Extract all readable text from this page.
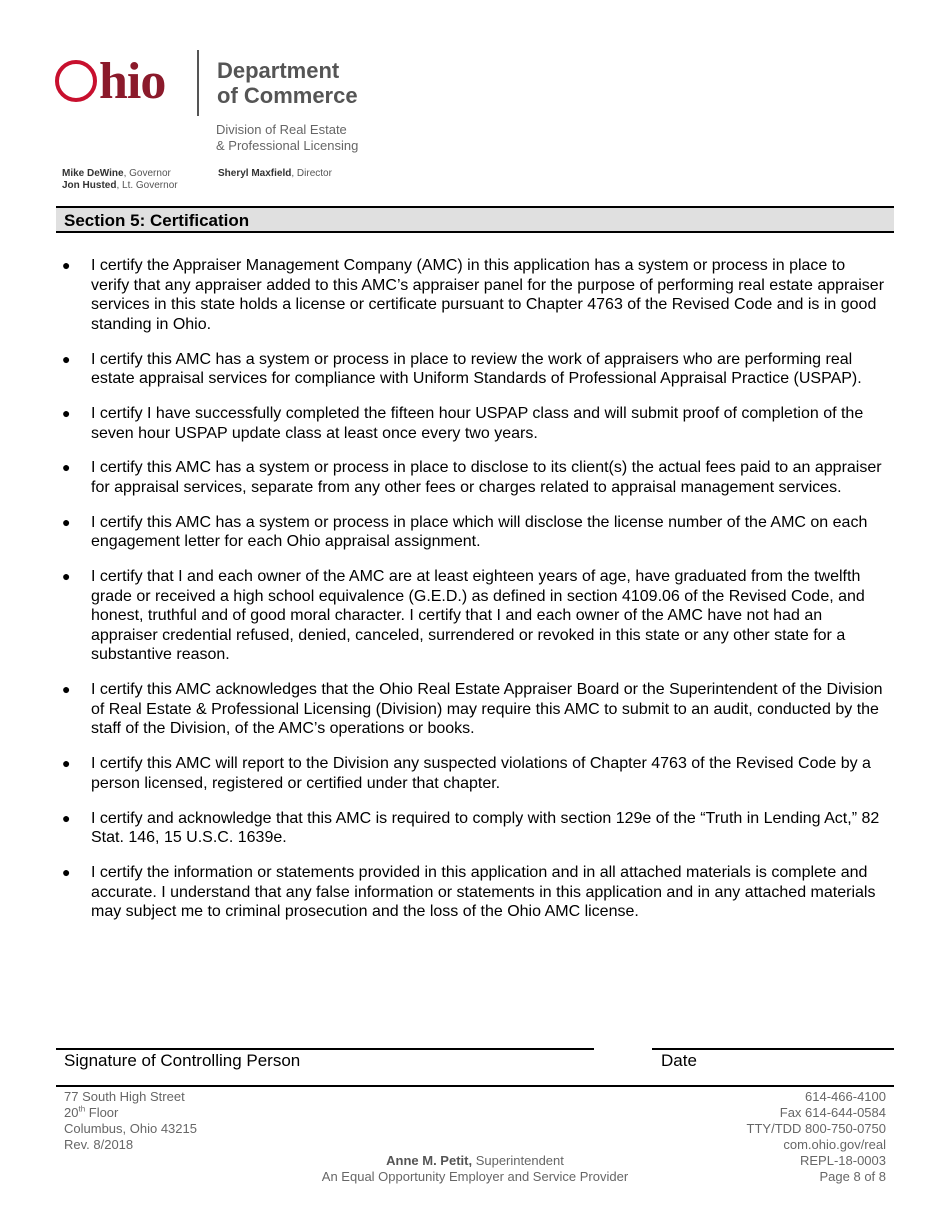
hio Department
of Commerce
Division of Real Estate
& Professional Licensing
Mike DeWine, Governor
Jon Husted, Lt. Governor
Sheryl Maxfield, Director
Section 5: Certification
● I certify the Appraiser Management Company (AMC) in this application has a system or process in place to verify that any appraiser added to this AMC’s appraiser panel for the purpose of performing real estate appraiser services in this state holds a license or certificate pursuant to Chapter 4763 of the Revised Code and is in good standing in Ohio.
● I certify this AMC has a system or process in place to review the work of appraisers who are performing real estate appraisal services for compliance with Uniform Standards of Professional Appraisal Practice (USPAP).
● I certify I have successfully completed the fifteen hour USPAP class and will submit proof of completion of the seven hour USPAP update class at least once every two years.
● I certify this AMC has a system or process in place to disclose to its client(s) the actual fees paid to an appraiser for appraisal services, separate from any other fees or charges related to appraisal management services.
● I certify this AMC has a system or process in place which will disclose the license number of the AMC on each engagement letter for each Ohio appraisal assignment.
● I certify that I and each owner of the AMC are at least eighteen years of age, have graduated from the twelfth grade or received a high school equivalence (G.E.D.) as defined in section 4109.06 of the Revised Code, and honest, truthful and of good moral character. I certify that I and each owner of the AMC have not had an appraiser credential refused, denied, canceled, surrendered or revoked in this state or any other state for a substantive reason.
● I certify this AMC acknowledges that the Ohio Real Estate Appraiser Board or the Superintendent of the Division of Real Estate & Professional Licensing (Division) may require this AMC to submit to an audit, conducted by the staff of the Division, of the AMC’s operations or books.
● I certify this AMC will report to the Division any suspected violations of Chapter 4763 of the Revised Code by a person licensed, registered or certified under that chapter.
● I certify and acknowledge that this AMC is required to comply with section 129e of the “Truth in Lending Act,” 82 Stat. 146, 15 U.S.C. 1639e.
● I certify the information or statements provided in this application and in all attached materials is complete and accurate. I understand that any false information or statements in this application and in any attached materials may subject me to criminal prosecution and the loss of the Ohio AMC license.
Signature of Controlling Person	Date
77 South High Street
20th Floor
Columbus, Ohio 43215
Rev. 8/2018
Anne M. Petit, Superintendent
An Equal Opportunity Employer and Service Provider
614-466-4100
Fax 614-644-0584
TTY/TDD 800-750-0750
com.ohio.gov/real
REPL-18-0003
Page 8 of 8
